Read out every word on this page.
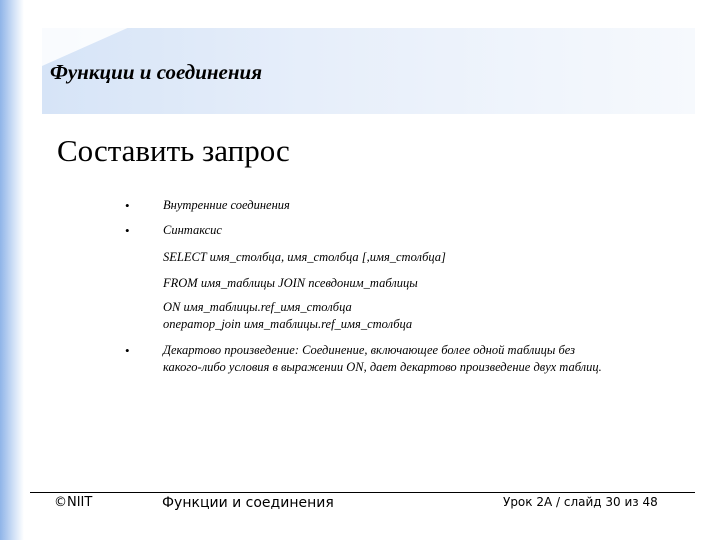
Функции и соединения
Составить запрос
•	Внутренние соединения
•	Синтаксис
SELECT имя_столбца, имя_столбца [,имя_столбца]
FROM имя_таблицы JOIN псевдоним_таблицы
ON имя_таблицы.ref_имя_столбца
оператор_join имя_таблицы.ref_имя_столбца
•	Декартово произведение: Соединение, включающее более одной таблицы без
какого-либо условия в выражении ON, дает декартово произведение двух таблиц.
©NIIT	Функции и соединения	Урок 2A / слайд 30 из 48
